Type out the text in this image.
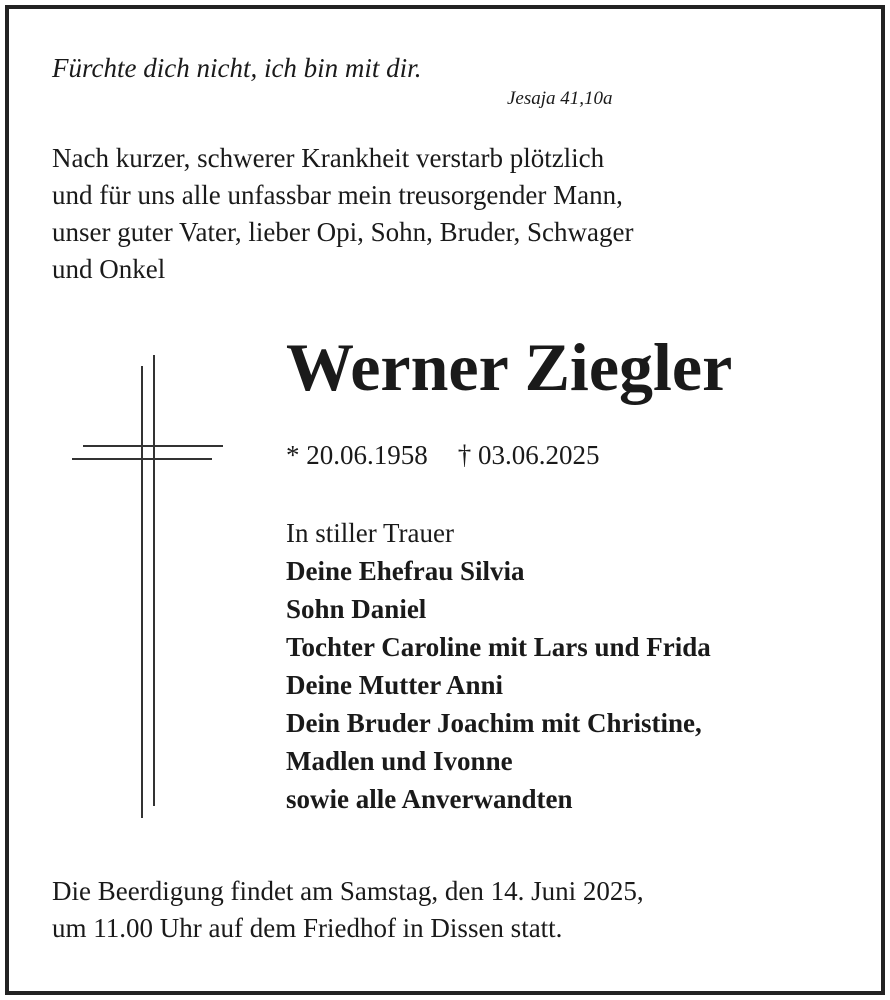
Fürchte dich nicht, ich bin mit dir.
Jesaja 41,10a
Nach kurzer, schwerer Krankheit verstarb plötzlich
und für uns alle unfassbar mein treusorgender Mann,
unser guter Vater, lieber Opi, Sohn, Bruder, Schwager
und Onkel
Werner Ziegler
* 20.06.1958 † 03.06.2025
In stiller Trauer
Deine Ehefrau Silvia
Sohn Daniel
Tochter Caroline mit Lars und Frida
Deine Mutter Anni
Dein Bruder Joachim mit Christine,
Madlen und Ivonne
sowie alle Anverwandten
Die Beerdigung findet am Samstag, den 14. Juni 2025,
um 11.00 Uhr auf dem Friedhof in Dissen statt.
